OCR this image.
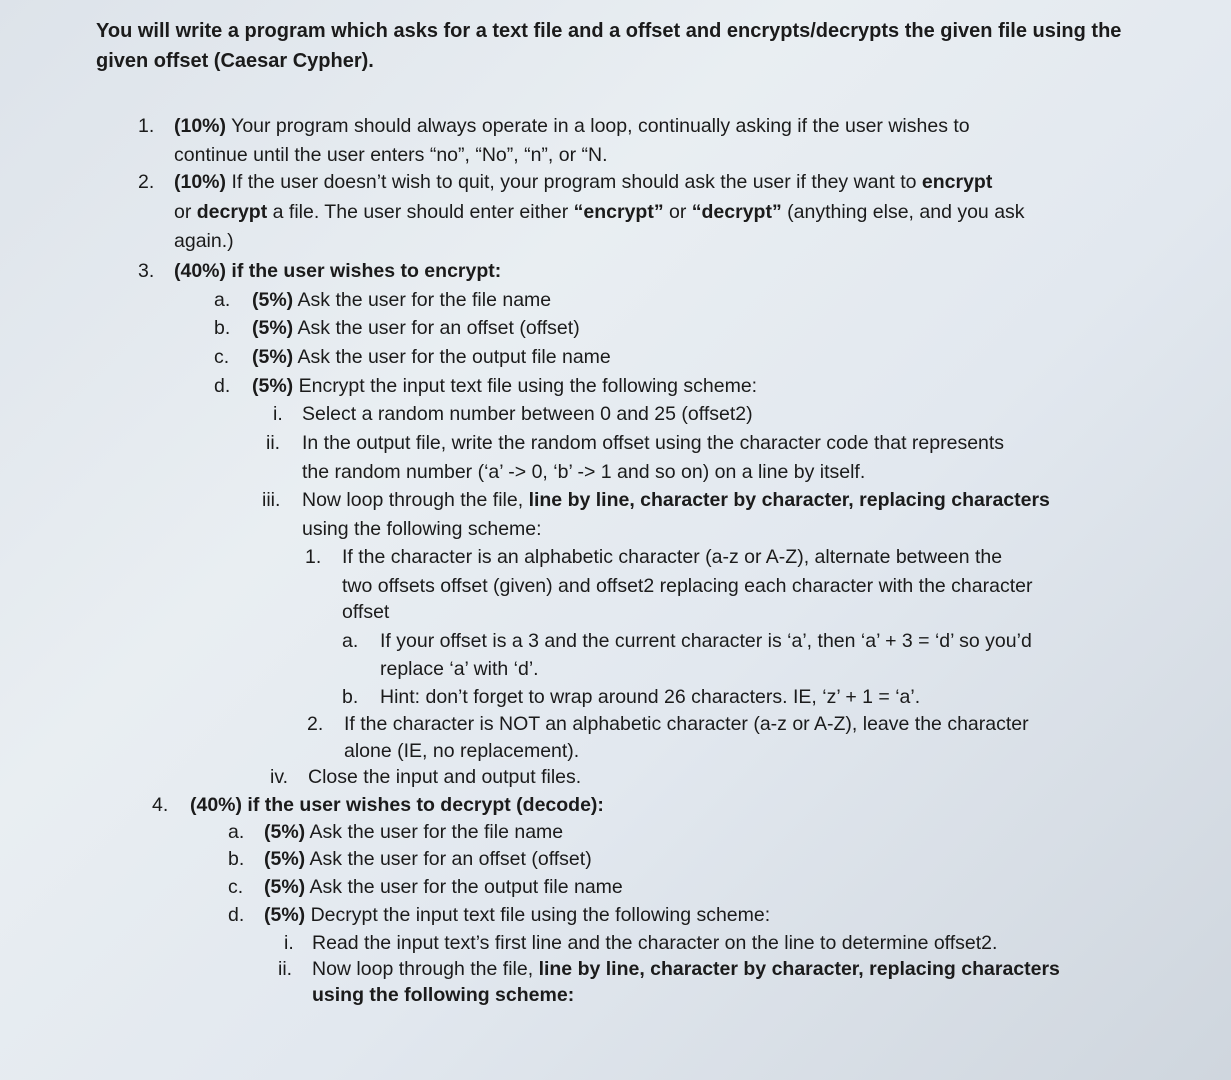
You will write a program which asks for a text file and a offset and encrypts/decrypts the given file using the given offset (Caesar Cypher).
1. (10%) Your program should always operate in a loop, continually asking if the user wishes to
continue until the user enters “no”, “No”, “n”, or “N.
2. (10%) If the user doesn’t wish to quit, your program should ask the user if they want to encrypt
or decrypt a file. The user should enter either “encrypt” or “decrypt” (anything else, and you ask
again.)
3. (40%) if the user wishes to encrypt:
a. (5%) Ask the user for the file name
b. (5%) Ask the user for an offset (offset)
c. (5%) Ask the user for the output file name
d. (5%) Encrypt the input text file using the following scheme:
i. Select a random number between 0 and 25 (offset2)
ii. In the output file, write the random offset using the character code that represents
the random number (‘a’ -> 0, ‘b’ -> 1 and so on) on a line by itself.
iii. Now loop through the file, line by line, character by character, replacing characters
using the following scheme:
1. If the character is an alphabetic character (a-z or A-Z), alternate between the
two offsets offset (given) and offset2 replacing each character with the character
offset
a. If your offset is a 3 and the current character is ‘a’, then ‘a’ + 3 = ‘d’ so you’d
replace ‘a’ with ‘d’.
b. Hint: don’t forget to wrap around 26 characters. IE, ‘z’ + 1 = ‘a’.
2. If the character is NOT an alphabetic character (a-z or A-Z), leave the character
alone (IE, no replacement).
iv. Close the input and output files.
4. (40%) if the user wishes to decrypt (decode):
a. (5%) Ask the user for the file name
b. (5%) Ask the user for an offset (offset)
c. (5%) Ask the user for the output file name
d. (5%) Decrypt the input text file using the following scheme:
i. Read the input text’s first line and the character on the line to determine offset2.
ii. Now loop through the file, line by line, character by character, replacing characters
using the following scheme:
